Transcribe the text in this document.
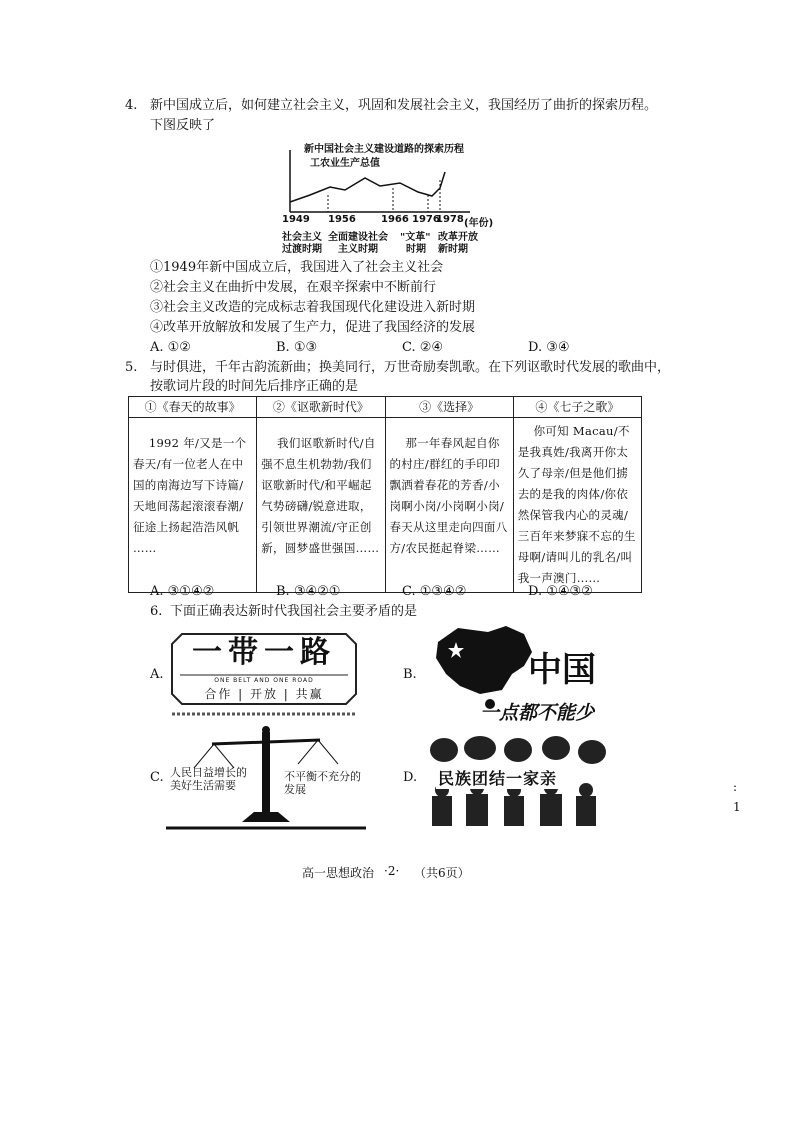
4. 新中国成立后，如何建立社会主义，巩固和发展社会主义，我国经历了曲折的探索历程。
下图反映了
新中国社会主义建设道路的探索历程
工农业生产总值
1949 1956	1966 1976
1978 (年份)
社会主义
过渡时期
全面建设社会
主义时期
"文革"
时期
改革开放
新时期
①1949年新中国成立后，我国进入了社会主义社会
②社会主义在曲折中发展，在艰辛探索中不断前行
③社会主义改造的完成标志着我国现代化建设进入新时期
④改革开放解放和发展了生产力，促进了我国经济的发展
A. ①②	B. ①③	C. ②④	D. ③④
5. 与时俱进，千年古韵流新曲；换美同行，万世奇励奏凯歌。在下列讴歌时代发展的歌曲中，
按歌词片段的时间先后排序正确的是
①《春天的故事》	②《讴歌新时代》	③《选择》	④《七子之歌》

1992 年/又是一个春天/有一位老人在中国的南海边写下诗篇/天地间荡起滚滚春潮/征途上扬起浩浩风帆 ……	我们讴歌新时代/自强不息生机勃勃/我们讴歌新时代/和平崛起气势磅礴/锐意进取，引领世界潮流/守正创新，圆梦盛世强国……	那一年春风起自你的村庄/群红的手印印飘洒着春花的芳香/小岗啊小岗/小岗啊小岗/春天从这里走向四面八方/农民挺起脊梁……	你可知 Macau/不是我真姓/我离开你太久了母亲/但是他们掳去的是我的肉体/你依然保管我内心的灵魂/三百年来梦寐不忘的生母啊/请叫儿的乳名/叫我一声澳门……
A. ③①④②	B. ③④②①	C. ①③④②	D. ①④③②
6. 下面正确表达新时代我国社会主要矛盾的是
A.	B.
C.	D.
一带一路
ONE BELT AND ONE ROAD
合作 | 开放 | 共赢
中国
一点都不能少
人民日益增长的美好生活需要
不平衡不充分的发展
民族团结一家亲	:
1
高一思想政治 ·2· （共6页）
